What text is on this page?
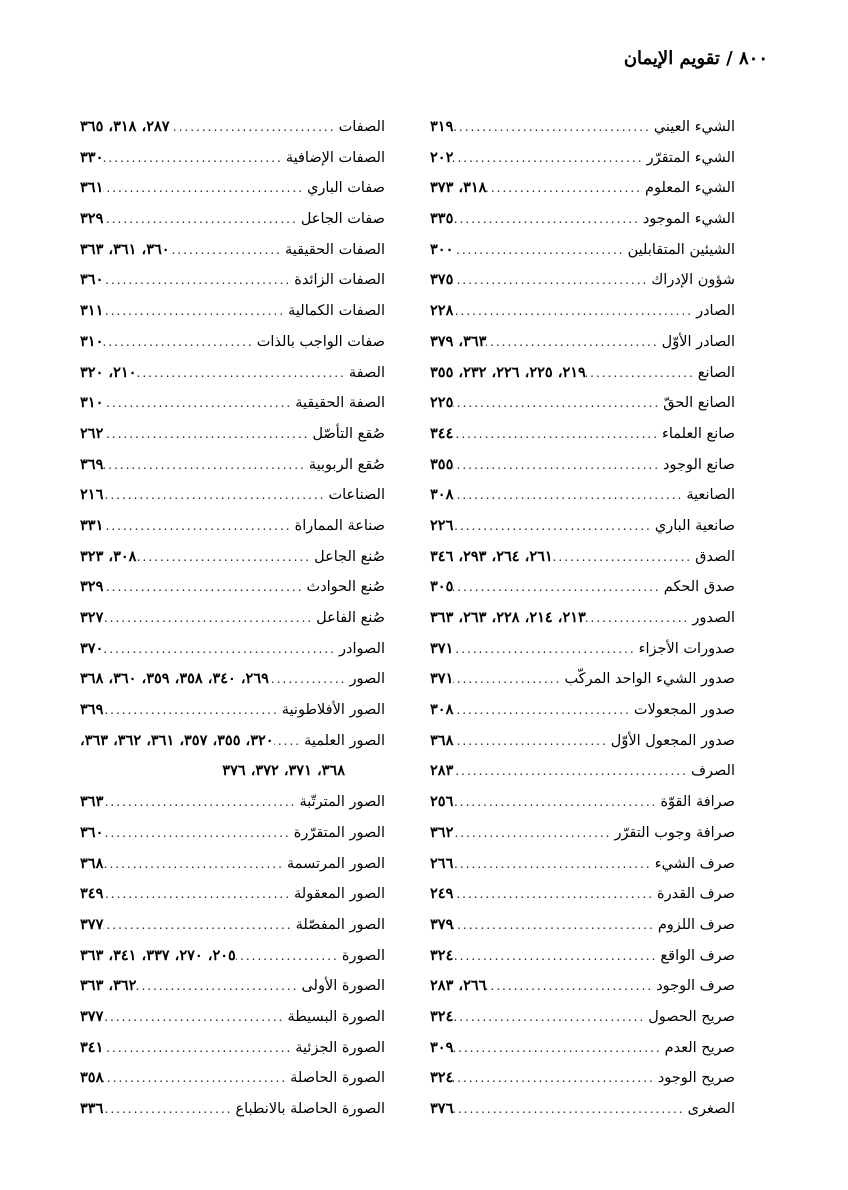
٨٠٠ / تقويم الإيمان
الشيء العيني
.....
٣١٩
الشيء المتقرّر
.....
٢٠٢
الشيء المعلوم
.....
٣١٨، ٣٧٣
الشيء الموجود
.....
٣٣٥
الشيئين المتقابلين
.....
٣٠٠
شؤون الإدراك
.....
٣٧٥
الصادر
.....
٢٢٨
الصادر الأوّل
.....
٣٦٣، ٣٧٩
الصانع
.....
٢١٩، ٢٢٥، ٢٢٦، ٢٣٢، ٣٥٥
الصانع الحقّ
.....
٢٢٥
صانع العلماء
.....
٣٤٤
صانع الوجود
.....
٣٥٥
الصانعية
.....
٣٠٨
صانعية الباري
.....
٢٢٦
الصدق
.....
٢٦١، ٢٦٤، ٢٩٣، ٣٤٦
صدق الحكم
.....
٣٠٥
الصدور
.....
٢١٣، ٢١٤، ٢٢٨، ٢٦٣، ٣٦٣
صدورات الأجزاء
.....
٣٧١
صدور الشيء الواحد المركّب
.....
٣٧١
صدور المجعولات
.....
٣٠٨
صدور المجعول الأوّل
.....
٣٦٨
الصرف
.....
٢٨٣
صرافة القوّة
.....
٢٥٦
صرافة وجوب التقرّر
.....
٣٦٢
صرف الشيء
.....
٢٦٦
صرف القدرة
.....
٢٤٩
صرف اللزوم
.....
٣٧٩
صرف الواقع
.....
٣٢٤
صرف الوجود
.....
٢٦٦، ٢٨٣
صريح الحصول
.....
٣٢٤
صريح العدم
.....
٣٠٩
صريح الوجود
.....
٣٢٤
الصغرى
.....
٣٧٦
الصفات
.....
٢٨٧، ٣١٨، ٣٦٥
الصفات الإضافية
.....
٣٣٠
صفات الباري
.....
٣٦١
صفات الجاعل
.....
٣٢٩
الصفات الحقيقية
.....
٣٦٠، ٣٦١، ٣٦٣
الصفات الزائدة
.....
٣٦٠
الصفات الكمالية
.....
٣١١
صفات الواجب بالذات
.....
٣١٠
الصفة
.....
٢١٠، ٣٢٠
الصفة الحقيقية
.....
٣١٠
صُقع التأصّل
.....
٢٦٢
صُقع الربوبية
.....
٣٦٩
الصناعات
.....
٢١٦
صناعة المماراة
.....
٣٣١
صُنع الجاعل
.....
٣٠٨، ٣٢٣
صُنع الحوادث
.....
٣٢٩
صُنع الفاعل
.....
٣٢٧
الصوادر
.....
٣٧٠
الصور
.....
٢٦٩، ٣٤٠، ٣٥٨، ٣٥٩، ٣٦٠، ٣٦٨
الصور الأفلاطونية
.....
٣٦٩
الصور العلمية
.....
٣٢٠، ٣٥٥، ٣٥٧، ٣٦١، ٣٦٢، ٣٦٣،
٣٦٨، ٣٧١، ٣٧٢، ٣٧٦
الصور المترتّبة
.....
٣٦٣
الصور المتقرّرة
.....
٣٦٠
الصور المرتسمة
.....
٣٦٨
الصور المعقولة
.....
٣٤٩
الصور المفصّلة
.....
٣٧٧
الصورة
.....
٢٠٥، ٢٧٠، ٣٣٧، ٣٤١، ٣٦٣
الصورة الأولى
.....
٣٦٢، ٣٦٣
الصورة البسيطة
.....
٣٧٧
الصورة الجزئية
.....
٣٤١
الصورة الحاصلة
.....
٣٥٨
الصورة الحاصلة بالانطباع
.....
٣٣٦
